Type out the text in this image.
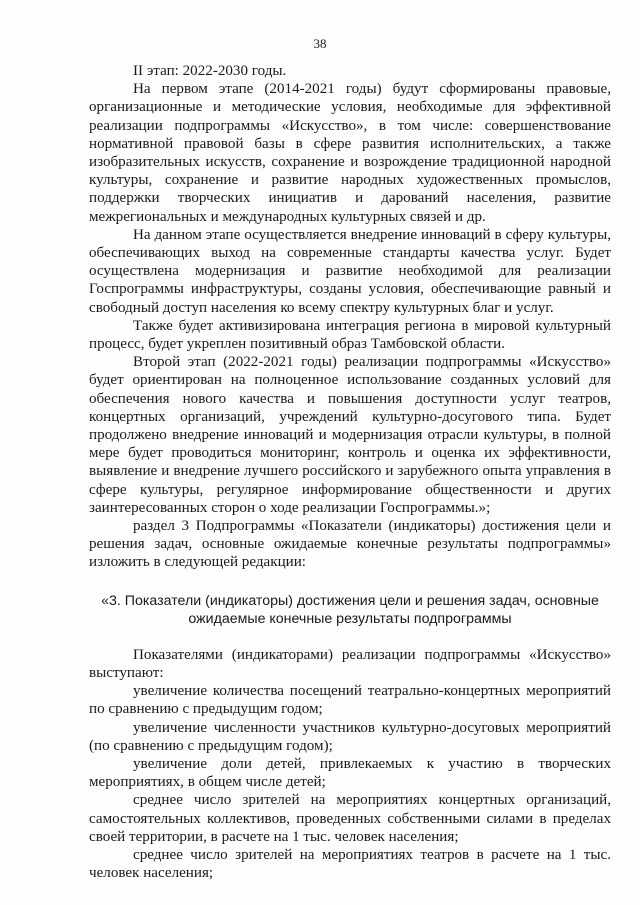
38

II этап: 2022-2030 годы.

На первом этапе (2014-2021 годы) будут сформированы правовые, организационные и методические условия, необходимые для эффективной реализации подпрограммы «Искусство», в том числе: совершенствование нормативной правовой базы в сфере развития исполнительских, а также изобразительных искусств, сохранение и возрождение традиционной народной культуры, сохранение и развитие народных художественных промыслов, поддержки творческих инициатив и дарований населения, развитие межрегиональных и международных культурных связей и др.

На данном этапе осуществляется внедрение инноваций в сферу культуры, обеспечивающих выход на современные стандарты качества услуг. Будет осуществлена модернизация и развитие необходимой для реализации Госпрограммы инфраструктуры, созданы условия, обеспечивающие равный и свободный доступ населения ко всему спектру культурных благ и услуг.

Также будет активизирована интеграция региона в мировой культурный процесс, будет укреплен позитивный образ Тамбовской области.

Второй этап (2022-2021 годы) реализации подпрограммы «Искусство» будет ориентирован на полноценное использование созданных условий для обеспечения нового качества и повышения доступности услуг театров, концертных организаций, учреждений культурно-досугового типа. Будет продолжено внедрение инноваций и модернизация отрасли культуры, в полной мере будет проводиться мониторинг, контроль и оценка их эффективности, выявление и внедрение лучшего российского и зарубежного опыта управления в сфере культуры, регулярное информирование общественности и других заинтересованных сторон о ходе реализации Госпрограммы.»;

раздел 3 Подпрограммы «Показатели (индикаторы) достижения цели и решения задач, основные ожидаемые конечные результаты подпрограммы» изложить в следующей редакции:

«3. Показатели (индикаторы) достижения цели и решения задач, основные ожидаемые конечные результаты подпрограммы

Показателями (индикаторами) реализации подпрограммы «Искусство» выступают:

увеличение количества посещений театрально-концертных мероприятий по сравнению с предыдущим годом;

увеличение численности участников культурно-досуговых мероприятий (по сравнению с предыдущим годом);

увеличение доли детей, привлекаемых к участию в творческих мероприятиях, в общем числе детей;

среднее число зрителей на мероприятиях концертных организаций, самостоятельных коллективов, проведенных собственными силами в пределах своей территории, в расчете на 1 тыс. человек населения;

среднее число зрителей на мероприятиях театров в расчете на 1 тыс. человек населения;
